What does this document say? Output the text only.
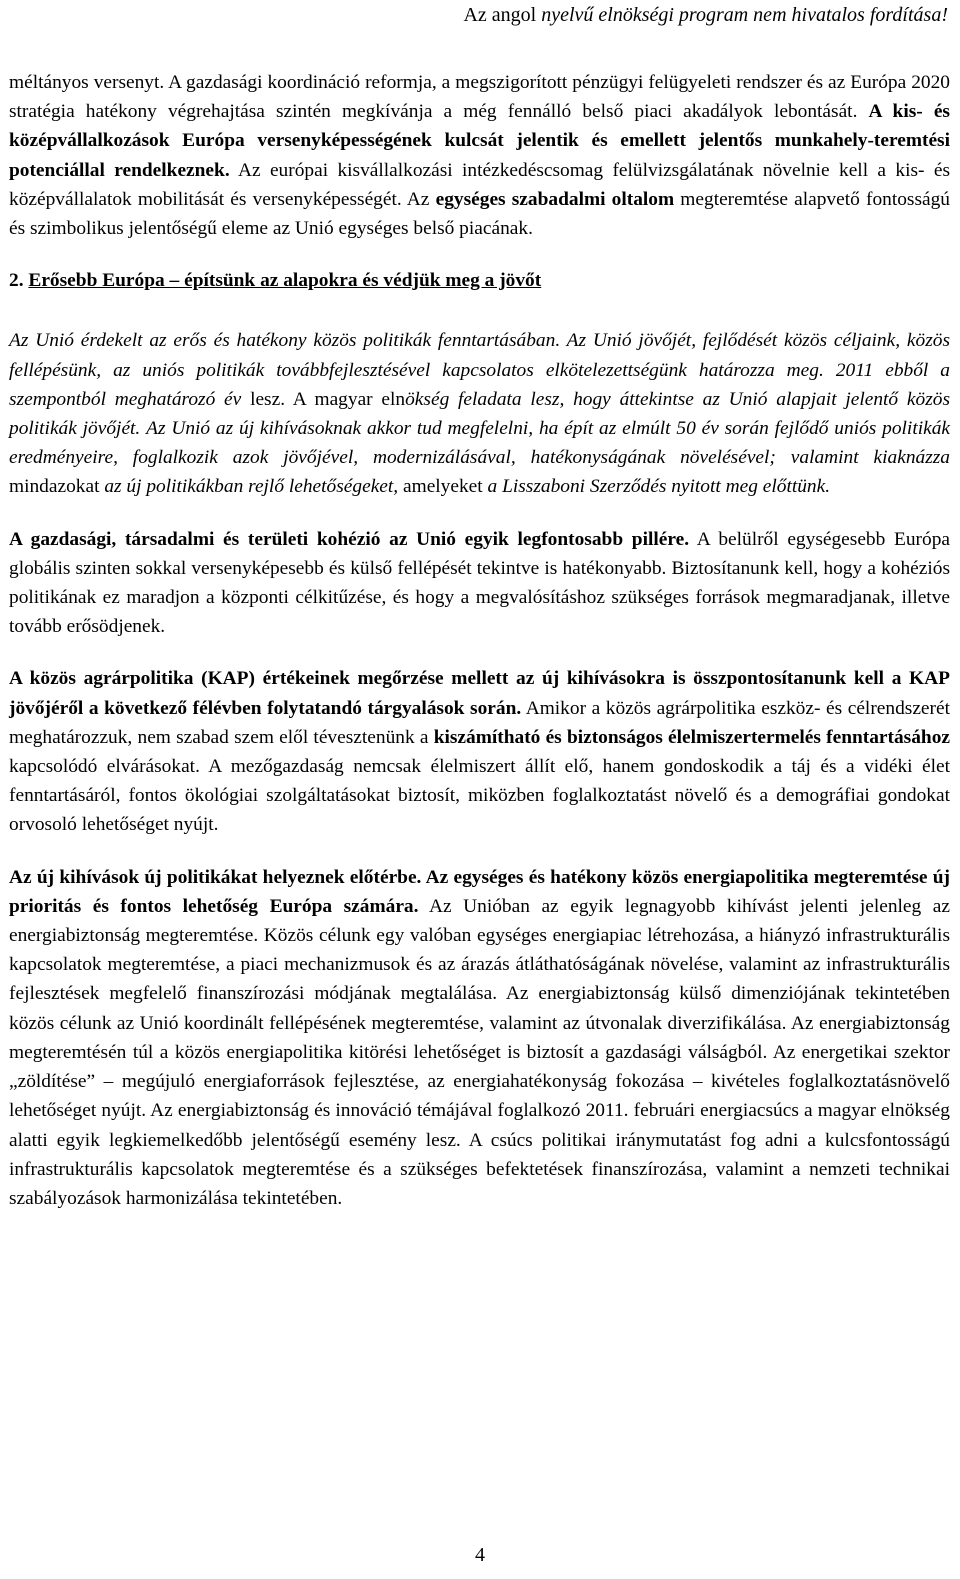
Az angol nyelvű elnökségi program nem hivatalos fordítása!

méltányos versenyt. A gazdasági koordináció reformja, a megszigorított pénzügyi felügyeleti rendszer és az Európa 2020 stratégia hatékony végrehajtása szintén megkívánja a még fennálló belső piaci akadályok lebontását. A kis- és középvállalkozások Európa versenyképességének kulcsát jelentik és emellett jelentős munkahely-teremtési potenciállal rendelkeznek. Az európai kisvállalkozási intézkedéscsomag felülvizsgálatának növelnie kell a kis- és középvállalatok mobilitását és versenyképességét. Az egységes szabadalmi oltalom megteremtése alapvető fontosságú és szimbolikus jelentőségű eleme az Unió egységes belső piacának.

2. Erősebb Európa – építsünk az alapokra és védjük meg a jövőt

Az Unió érdekelt az erős és hatékony közös politikák fenntartásában. Az Unió jövőjét, fejlődését közös céljaink, közös fellépésünk, az uniós politikák továbbfejlesztésével kapcsolatos elkötelezettségünk határozza meg. 2011 ebből a szempontból meghatározó év lesz. A magyar elnökség feladata lesz, hogy áttekintse az Unió alapjait jelentő közös politikák jövőjét. Az Unió az új kihívásoknak akkor tud megfelelni, ha épít az elmúlt 50 év során fejlődő uniós politikák eredményeire, foglalkozik azok jövőjével, modernizálásával, hatékonyságának növelésével; valamint kiaknázza mindazokat az új politikákban rejlő lehetőségeket, amelyeket a Lisszaboni Szerződés nyitott meg előttünk.

A gazdasági, társadalmi és területi kohézió az Unió egyik legfontosabb pillére. A belülről egységesebb Európa globális szinten sokkal versenyképesebb és külső fellépését tekintve is hatékonyabb. Biztosítanunk kell, hogy a kohéziós politikának ez maradjon a központi célkitűzése, és hogy a megvalósításhoz szükséges források megmaradjanak, illetve tovább erősödjenek.

A közös agrárpolitika (KAP) értékeinek megőrzése mellett az új kihívásokra is összpontosítanunk kell a KAP jövőjéről a következő félévben folytatandó tárgyalások során. Amikor a közös agrárpolitika eszköz- és célrendszerét meghatározzuk, nem szabad szem elől tévesztenünk a kiszámítható és biztonságos élelmiszertermelés fenntartásához kapcsolódó elvárásokat. A mezőgazdaság nemcsak élelmiszert állít elő, hanem gondoskodik a táj és a vidéki élet fenntartásáról, fontos ökológiai szolgáltatásokat biztosít, miközben foglalkoztatást növelő és a demográfiai gondokat orvosoló lehetőséget nyújt.

Az új kihívások új politikákat helyeznek előtérbe. Az egységes és hatékony közös energiapolitika megteremtése új prioritás és fontos lehetőség Európa számára. Az Unióban az egyik legnagyobb kihívást jelenti jelenleg az energiabiztonság megteremtése. Közös célunk egy valóban egységes energiapiac létrehozása, a hiányzó infrastrukturális kapcsolatok megteremtése, a piaci mechanizmusok és az árazás átláthatóságának növelése, valamint az infrastrukturális fejlesztések megfelelő finanszírozási módjának megtalálása. Az energiabiztonság külső dimenziójának tekintetében közös célunk az Unió koordinált fellépésének megteremtése, valamint az útvonalak diverzifikálása. Az energiabiztonság megteremtésén túl a közös energiapolitika kitörési lehetőséget is biztosít a gazdasági válságból. Az energetikai szektor „zöldítése” – megújuló energiaforrások fejlesztése, az energiahatékonyság fokozása – kivételes foglalkoztatásnövelő lehetőséget nyújt. Az energiabiztonság és innováció témájával foglalkozó 2011. februári energiacsúcs a magyar elnökség alatti egyik legkiemelkedőbb jelentőségű esemény lesz. A csúcs politikai iránymutatást fog adni a kulcsfontosságú infrastrukturális kapcsolatok megteremtése és a szükséges befektetések finanszírozása, valamint a nemzeti technikai szabályozások harmonizálása tekintetében.

4
